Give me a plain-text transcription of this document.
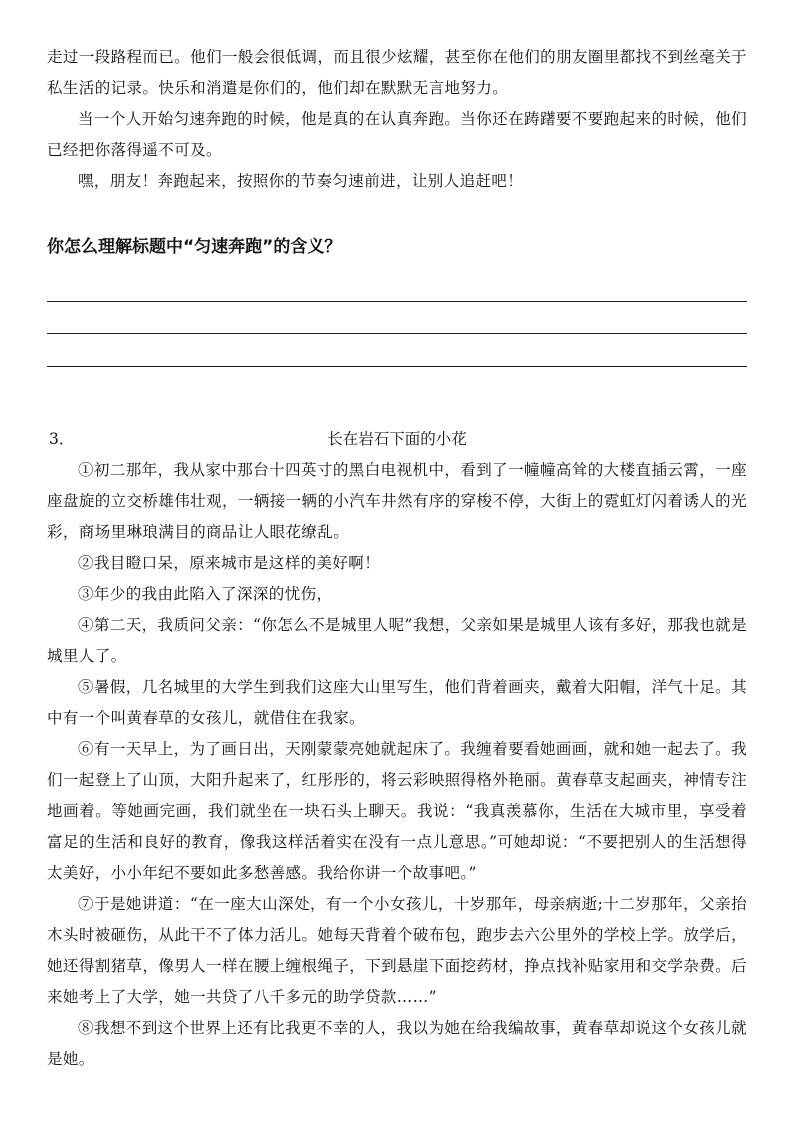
走过一段路程而已。他们一般会很低调，而且很少炫耀，甚至你在他们的朋友圈里都找不到丝毫关于私生活的记录。快乐和消遣是你们的，他们却在默默无言地努力。

当一个人开始匀速奔跑的时候，他是真的在认真奔跑。当你还在踌躇要不要跑起来的时候，他们已经把你落得遥不可及。

嘿，朋友！奔跑起来，按照你的节奏匀速前进，让别人追赶吧！

你怎么理解标题中“匀速奔跑”的含义？

3．	长在岩石下面的小花

①初二那年，我从家中那台十四英寸的黑白电视机中，看到了一幢幢高耸的大楼直插云霄，一座座盘旋的立交桥雄伟壮观，一辆接一辆的小汽车井然有序的穿梭不停，大街上的霓虹灯闪着诱人的光彩，商场里琳琅满目的商品让人眼花缭乱。

②我目瞪口呆，原来城市是这样的美好啊！

③年少的我由此陷入了深深的忧伤，

④第二天，我质问父亲：“你怎么不是城里人呢”我想，父亲如果是城里人该有多好，那我也就是城里人了。

⑤暑假，几名城里的大学生到我们这座大山里写生，他们背着画夹，戴着大阳帽，洋气十足。其中有一个叫黄春草的女孩儿，就借住在我家。

⑥有一天早上，为了画日出，天刚蒙蒙亮她就起床了。我缠着要看她画画，就和她一起去了。我们一起登上了山顶，大阳升起来了，红彤彤的，将云彩映照得格外艳丽。黄春草支起画夹，神情专注地画着。等她画完画，我们就坐在一块石头上聊天。我说：“我真羡慕你，生活在大城市里，享受着富足的生活和良好的教育，像我这样活着实在没有一点儿意思。”可她却说：“不要把别人的生活想得太美好，小小年纪不要如此多愁善感。我给你讲一个故事吧。”

⑦于是她讲道：“在一座大山深处，有一个小女孩儿，十岁那年，母亲病逝;十二岁那年，父亲抬木头时被砸伤，从此干不了体力活儿。她每天背着个破布包，跑步去六公里外的学校上学。放学后，她还得割猪草，像男人一样在腰上缠根绳子，下到悬崖下面挖药材，挣点找补贴家用和交学杂费。后来她考上了大学，她一共贷了八千多元的助学贷款……”

⑧我想不到这个世界上还有比我更不幸的人，我以为她在给我编故事，黄春草却说这个女孩儿就是她。
